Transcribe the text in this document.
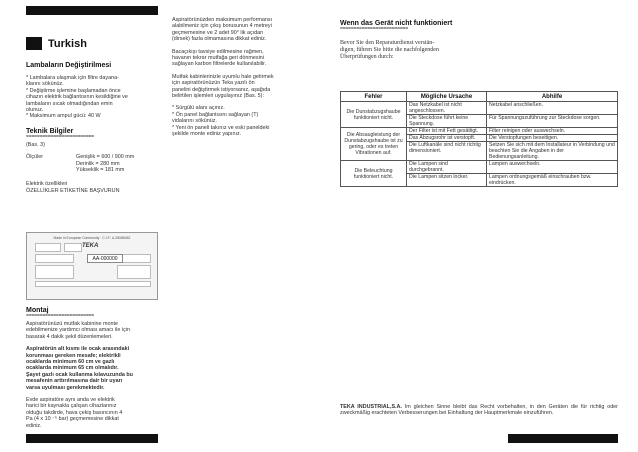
Turkish
Lambaların Değiştirilmesi
* Lambalara ulaşmak için filtre dayana-
klarını sökünüz.
* Değiştirme işlemine başlamadan önce
cihazın elektrik bağlantısının kesildiğine ve
lambaların sıcak olmadığından emin
olunuz.
* Maksimum ampul gücü: 40 W
Teknik Bilgiler
=========================
(Bas. 3)
Ölçüler	Genişlik = 600 / 900 mm
Derinlik = 280 mm
Yükseklik = 181 mm
Elektrik özellikleri
ÖZELLİKLER ETİKETİNE BAŞVURUN
Made in European Community · C.I.F.: A-28088462
TEKA
AA-000000
Montaj
=========================
Aspiratörünüzü mutfak kabinine monte
edebilmenize yardımcı olması amacı ile için
basarak 4 dakik şekil düzenlemeleri.
Aspiratörün alt kısmı ile ocak arasındaki
korunması gereken mesafe; elektrikli
ocaklarda minimum 60 cm ve gazlı
ocaklarda minimum 65 cm olmalıdır.
Şayet gazlı ocak kullanma kılavuzunda bu
mesafenin arttırılmasına dair bir uyarı
varsa uyulması gerekmektedir.
Evde aspiratöre aynı anda ve elektrik
harici bir kaynakla çalışan cihazlarınız
olduğu takdirde, hava çekiş basıncının 4
Pa (4 x 10 ⁻⁵ bar) geçmemesine dikkat
ediniz.
Aspiratörünüzden maksimum performansı
alabilmeniz için çıkış borusunun 4 metreyi
geçmemesine ve 2 adet 90° lik açıdan
(dirsek) fazla olmamasına dikkat ediniz.
Bacaçıkışı tavsiye edilmesine rağmen,
havanın tekrar mutfağa geri dönmesini
sağlayan karbon filtrelerde kullanılabilir.
Mutfak kabinlerinizle uyumlu hale getirmek
için aspiratörünüzün Teka yazılı ön
panelini değiştirmek istiyorsanız, aşağıda
belirtilen işlemleri uygulayınız (Bas. 5):
* Sürgülü alanı açınız.
* Ön panel bağlantısını sağlayan (T)
vidalarını sökünüz.
* Yeni ön paneli takınız ve eski paneldeki
şekilde monte ediniz yapınız.
Wenn das Gerät nicht funktioniert
=========================
Bevor Sie den Reparaturdienst verstän-
digen, führen Sie bitte die nachfolgenden
Überprüfungen durch:
Fehler	Mögliche Ursache	Abhilfe
Die Dunstabzugshaube funktioniert nicht.	Das Netzkabel ist nicht angeschlossen.	Netzkabel anschließen.
	Die Steckdose führt keine Spannung.	Für Spannungszuführung zur Steckdose sorgen.
Die Absaugleistung der Dunstabzugshaube ist zu gering, oder es treten Vibrationen auf.	Der Filter ist mit Fett gesättigt.	Filter reinigen oder auswechseln.
	Das Abzugsrohr ist verstopft.	Die Verstopfungen beseitigen.
	Die Luftkanäle sind nicht richtig dimensioniert.	Setzen Sie sich mit dem Installateur in Verbindung und beachten Sie die Angaben in der Bedienungsanleitung.
Die Beleuchtung funktioniert nicht.	Die Lampen sind durchgebrannt.	Lampen auswechseln.
	Die Lampen sitzen locker.	Lampen ordnungsgemäß einschrauben bzw. eindrücken.
TEKA INDUSTRIAL,S.A. Im gleichen Sinne bleibt das Recht vorbehalten, in den Geräten die für richtig oder zweckmäßig erachteten Verbesserungen bei Einhaltung der Hauptmerkmale einzuführen.
